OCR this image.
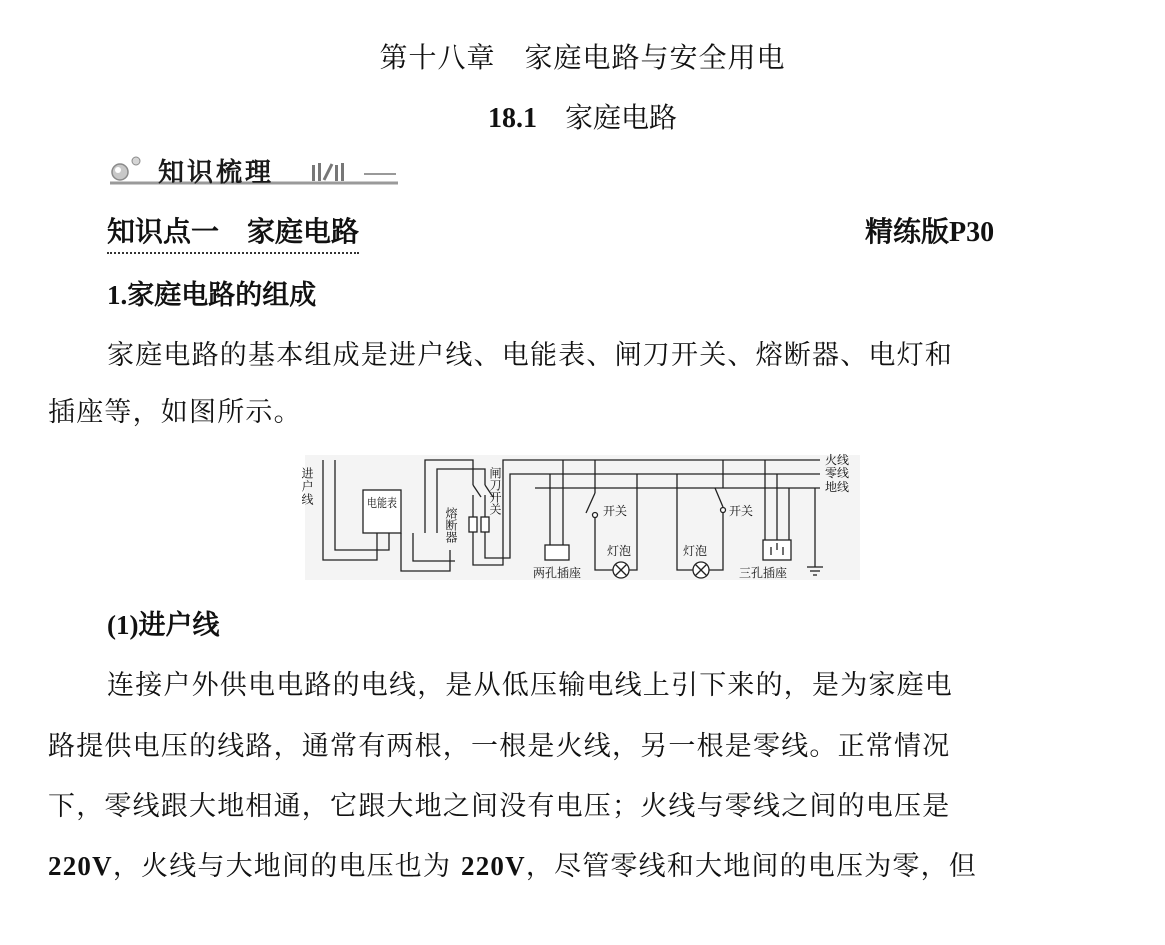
第十八章　家庭电路与安全用电
18.1 家庭电路
知识梳理
知识点一　家庭电路	精练版P30
1.家庭电路的组成
家庭电路的基本组成是进户线、电能表、闸刀开关、熔断器、电灯和
插座等，如图所示。
进户线	电能表	闸刀开关
熔断器
火线
零线
地线
两孔插座
开关
灯泡	灯泡
开关
三孔插座
(1)进户线
连接户外供电电路的电线，是从低压输电线上引下来的，是为家庭电
路提供电压的线路，通常有两根，一根是火线，另一根是零线。正常情况
下，零线跟大地相通，它跟大地之间没有电压；火线与零线之间的电压是
220V，火线与大地间的电压也为 220V，尽管零线和大地间的电压为零，但
